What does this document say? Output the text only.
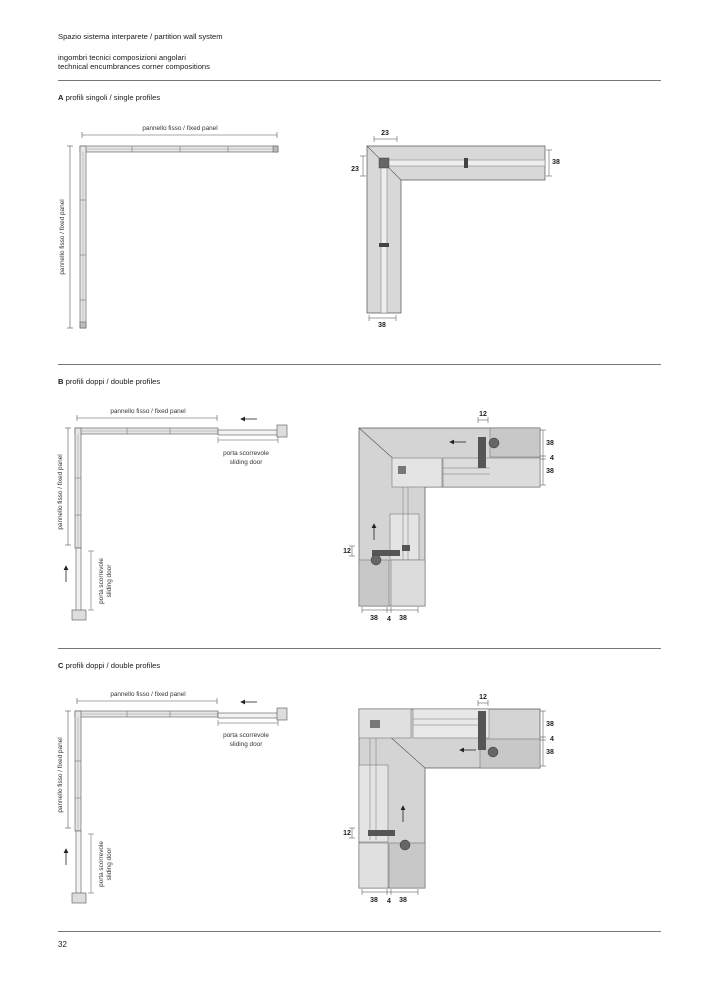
Spazio sistema interparete / partition wall system
ingombri tecnici composizioni angolari
technical encumbrances corner compositions
A profili singoli / single profiles
B profili doppi / double profiles
C profili doppi / double profiles
32
pannello fisso / fixed panel
pannello fisso / fixed panel
23
23
38
38
pannello fisso / fixed panel
pannello fisso / fixed panel
porta scorrevole
sliding door
porta scorrevole sliding door
12
38
4
38
12
38 4 38
pannello fisso / fixed panel
pannello fisso / fixed panel
porta scorrevole
sliding door
porta scorrevole sliding door
12
38
4
38
12
38 4 38
